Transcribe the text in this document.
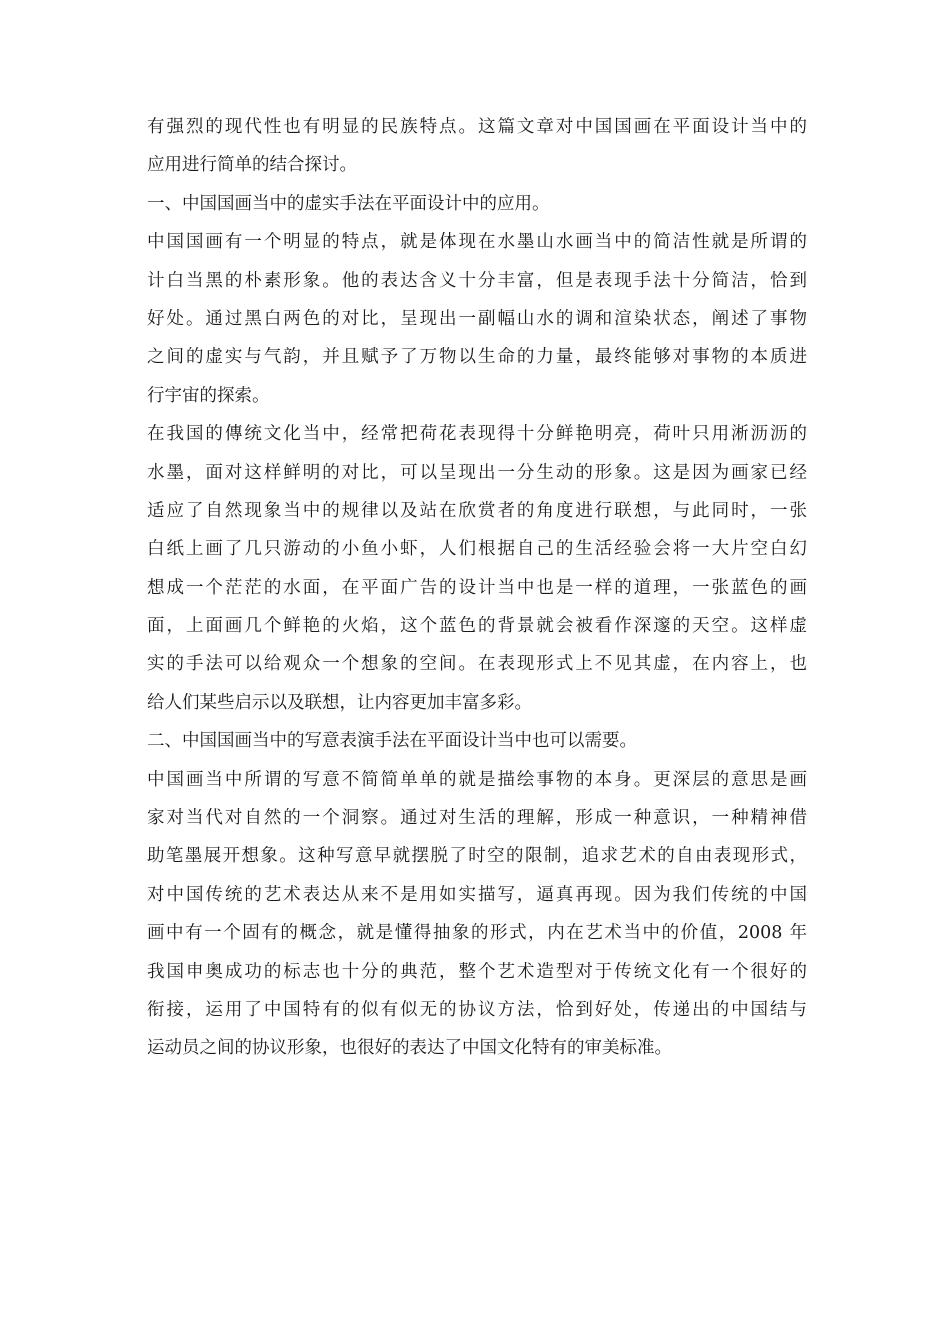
有强烈的现代性也有明显的民族特点。这篇文章对中国国画在平面设计当中的
应用进行简单的结合探讨。
一、中国国画当中的虚实手法在平面设计中的应用。
中国国画有一个明显的特点，就是体现在水墨山水画当中的简洁性就是所谓的
计白当黑的朴素形象。他的表达含义十分丰富，但是表现手法十分简洁，恰到
好处。通过黑白两色的对比，呈现出一副幅山水的调和渲染状态，阐述了事物
之间的虚实与气韵，并且赋予了万物以生命的力量，最终能够对事物的本质进
行宇宙的探索。
在我国的傳统文化当中，经常把荷花表现得十分鲜艳明亮，荷叶只用淅沥沥的
水墨，面对这样鲜明的对比，可以呈现出一分生动的形象。这是因为画家已经
适应了自然现象当中的规律以及站在欣赏者的角度进行联想，与此同时，一张
白纸上画了几只游动的小鱼小虾，人们根据自己的生活经验会将一大片空白幻
想成一个茫茫的水面，在平面广告的设计当中也是一样的道理，一张蓝色的画
面，上面画几个鲜艳的火焰，这个蓝色的背景就会被看作深邃的天空。这样虚
实的手法可以给观众一个想象的空间。在表现形式上不见其虚，在内容上，也
给人们某些启示以及联想，让内容更加丰富多彩。
二、中国国画当中的写意表演手法在平面设计当中也可以需要。
中国画当中所谓的写意不简简单单的就是描绘事物的本身。更深层的意思是画
家对当代对自然的一个洞察。通过对生活的理解，形成一种意识，一种精神借
助笔墨展开想象。这种写意早就摆脱了时空的限制，追求艺术的自由表现形式，
对中国传统的艺术表达从来不是用如实描写，逼真再现。因为我们传统的中国
画中有一个固有的概念，就是懂得抽象的形式，内在艺术当中的价值，2008 年
我国申奥成功的标志也十分的典范，整个艺术造型对于传统文化有一个很好的
衔接，运用了中国特有的似有似无的协议方法，恰到好处，传递出的中国结与
运动员之间的协议形象，也很好的表达了中国文化特有的审美标准。
